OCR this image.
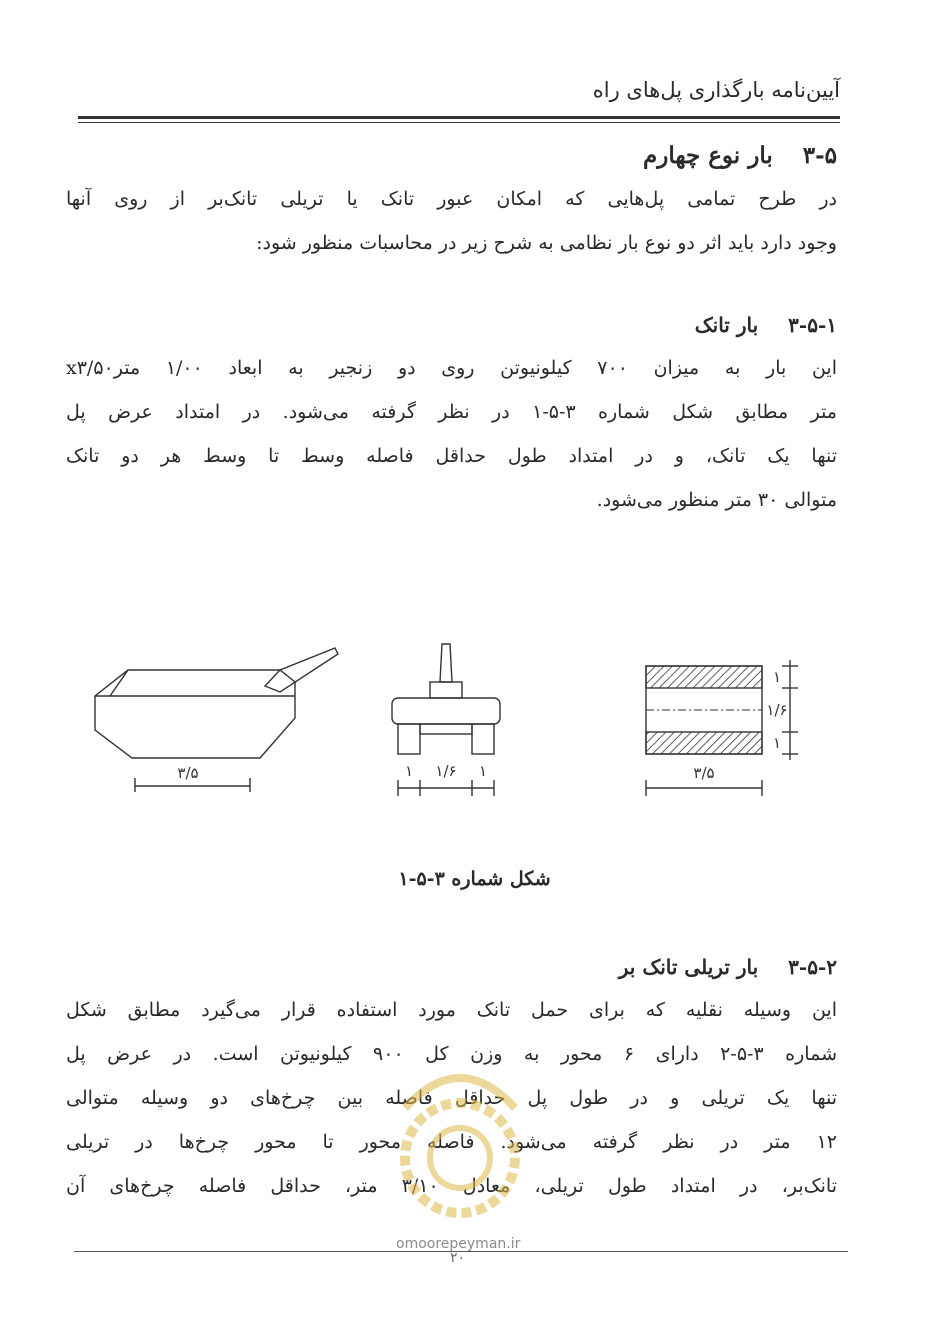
آیین‌نامه بارگذاری پل‌های راه
۳-۵بار نوع چهارم
در طرح تمامی پل‌هایی که امکان عبور تانک یا تریلی تانک‌بر از روی آنها
وجود دارد باید اثر دو نوع بار نظامی به شرح زیر در محاسبات منظور شود:
۳-۵-۱بار تانک
این بار به میزان ۷۰۰ کیلونیوتن روی دو زنجیر به ابعاد ۱/۰۰ مترx۳/۵۰
متر مطابق شکل شماره ۳-۵-۱ در نظر گرفته می‌شود. در امتداد عرض پل
تنها یک تانک، و در امتداد طول حداقل فاصله وسط تا وسط هر دو تانک
متوالی ۳۰ متر منظور می‌شود.
۳/۵	۱ ۱/۶ ۱	۳/۵
۱
۱/۶
۱
شکل شماره ۳-۵-۱
۳-۵-۲بار تریلی تانک بر
این وسیله نقلیه که برای حمل تانک مورد استفاده قرار می‌گیرد مطابق شکل
شماره ۳-۵-۲ دارای ۶ محور به وزن کل ۹۰۰ کیلونیوتن است. در عرض پل
تنها یک تریلی و در طول پل حداقل فاصله بین چرخ‌های دو وسیله متوالی
۱۲ متر در نظر گرفته می‌شود. فاصله محور تا محور چرخ‌ها در تریلی
تانک‌بر، در امتداد طول تریلی، معادل ۳/۱۰ متر، حداقل فاصله چرخ‌های آن
omoorepeyman.ir
۲۰
